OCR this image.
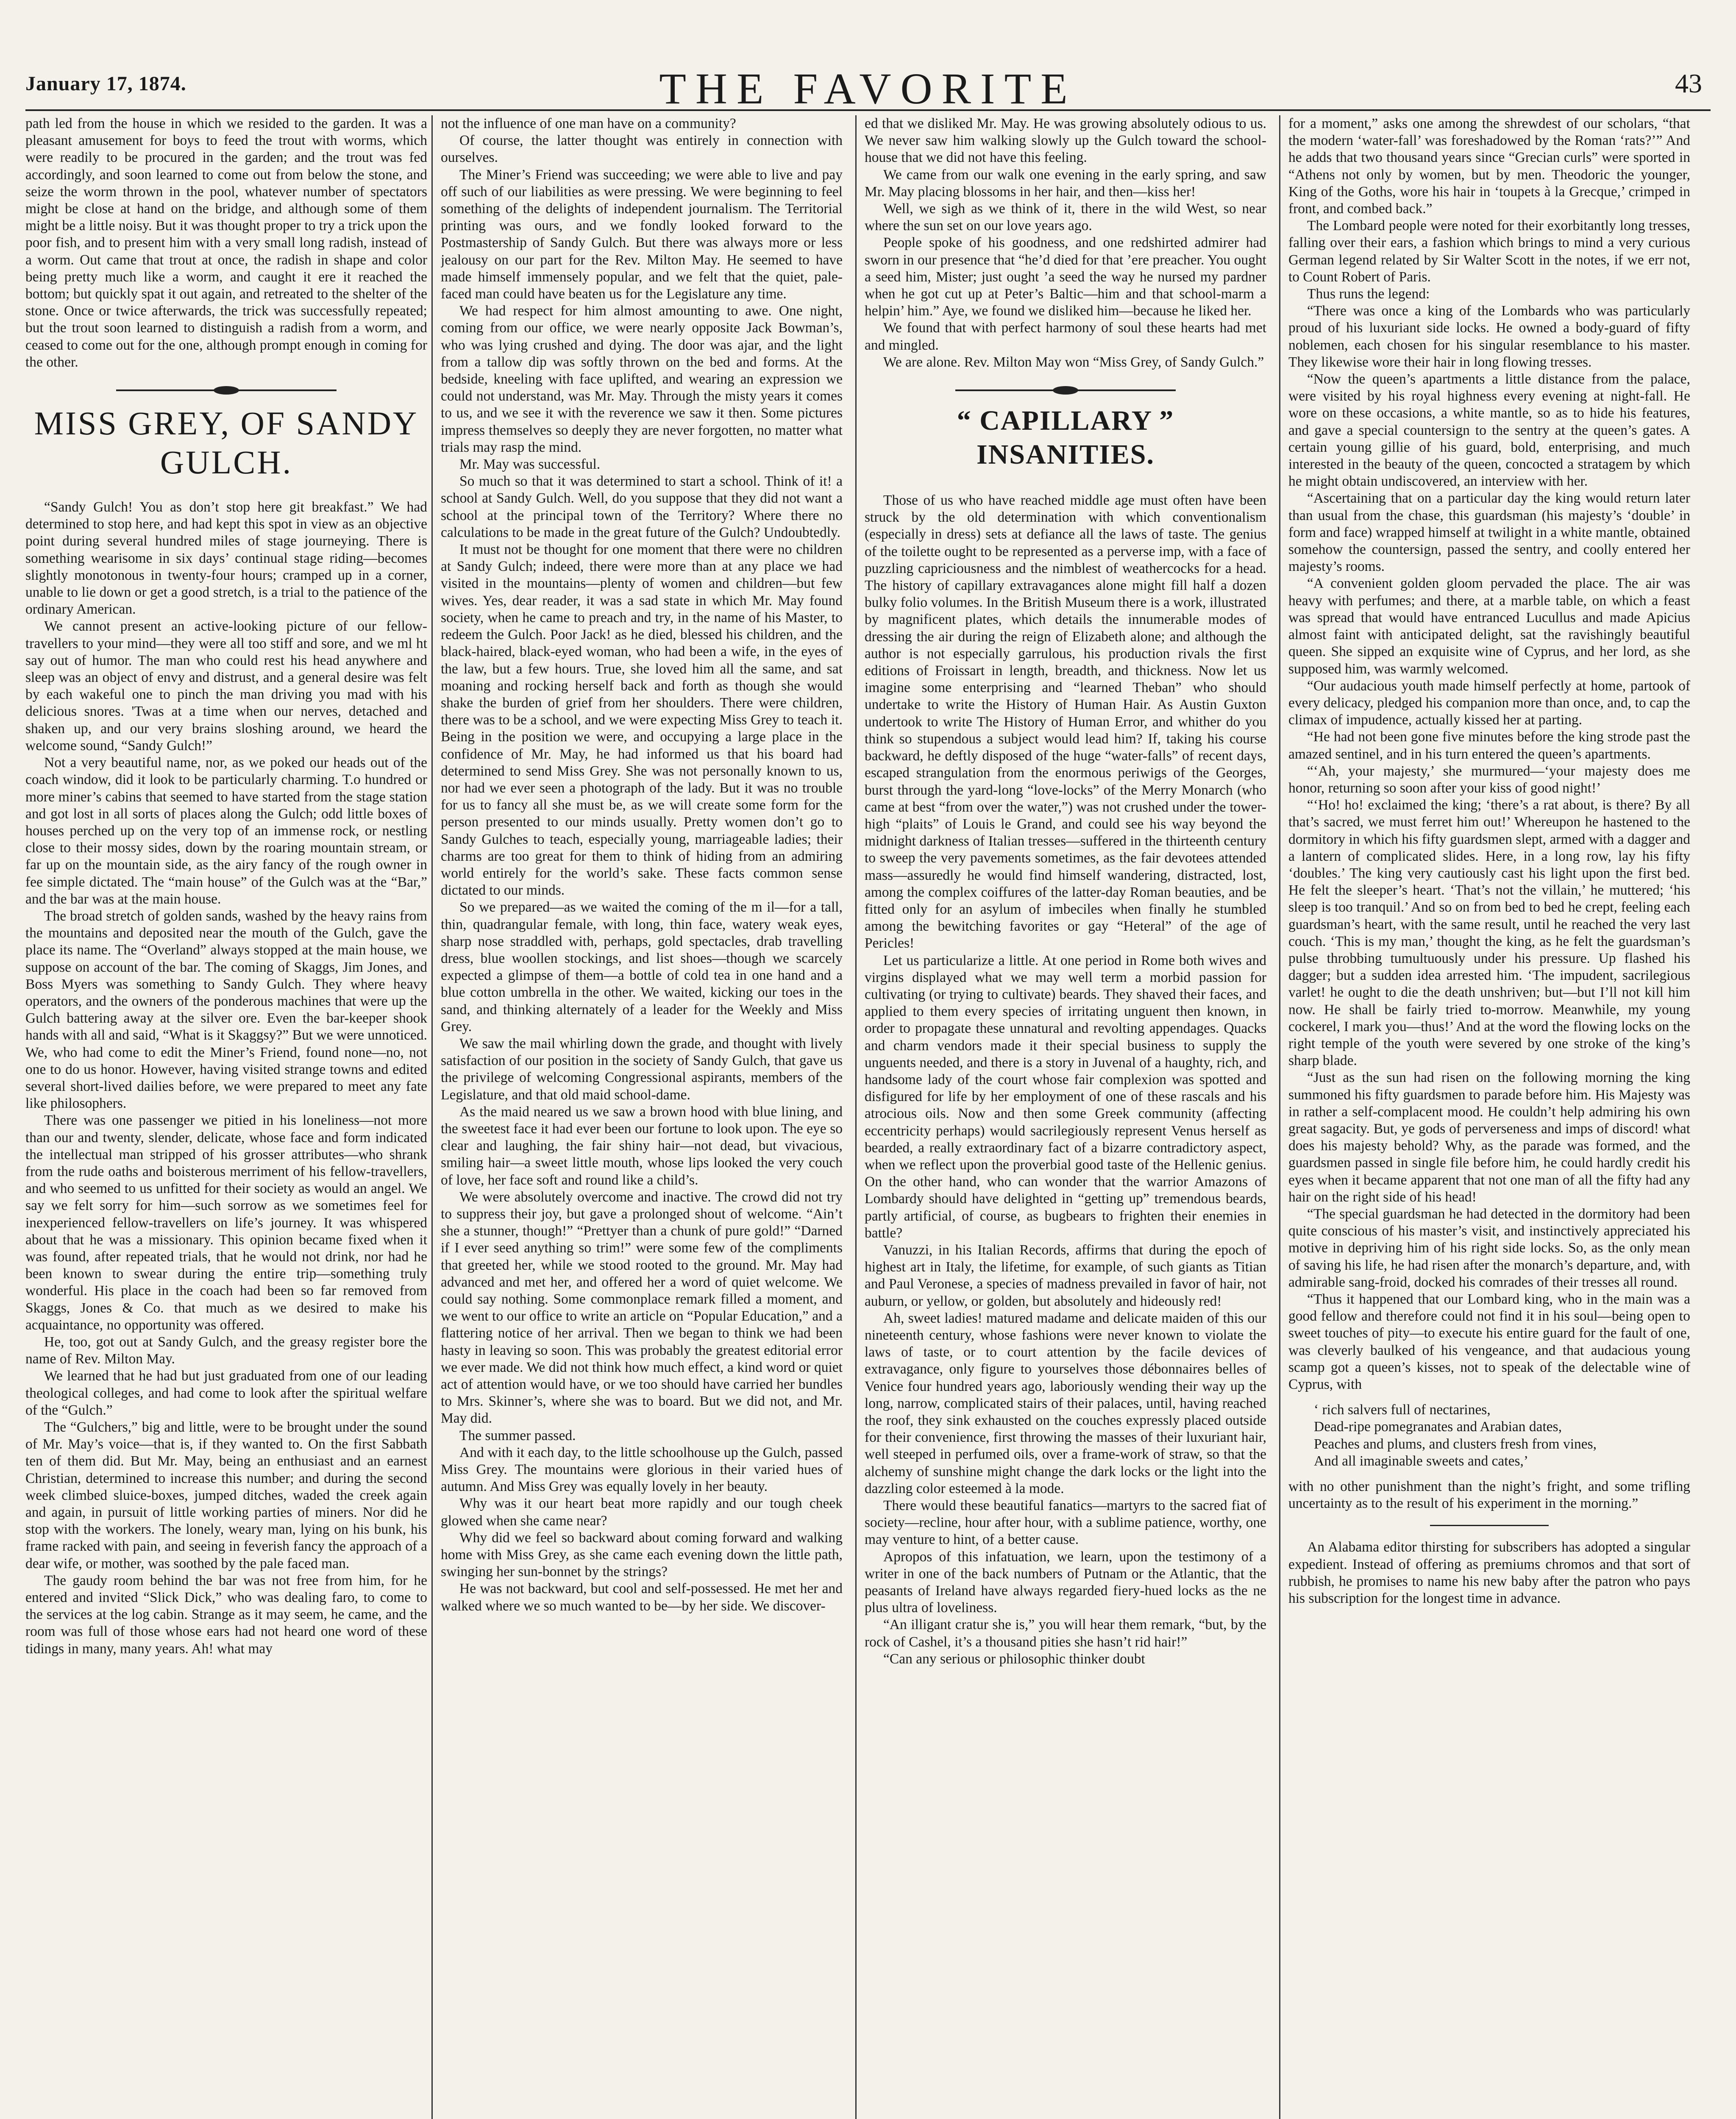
January 17, 1874.	THE FAVORITE	43

path led from the house in which we resided to the garden. It was a pleasant amusement for boys to feed the trout with worms, which were readily to be procured in the garden; and the trout was fed accordingly, and soon learned to come out from below the stone, and seize the worm thrown in the pool, whatever number of spectators might be close at hand on the bridge, and although some of them might be a little noisy. But it was thought proper to try a trick upon the poor fish, and to present him with a very small long radish, instead of a worm. Out came that trout at once, the radish in shape and color being pretty much like a worm, and caught it ere it reached the bottom; but quickly spat it out again, and retreated to the shelter of the stone. Once or twice afterwards, the trick was successfully repeated; but the trout soon learned to distinguish a radish from a worm, and ceased to come out for the one, although prompt enough in coming for the other.

MISS GREY, OF SANDY GULCH.

“Sandy Gulch! You as don’t stop here git breakfast.” We had determined to stop here, and had kept this spot in view as an objective point during several hundred miles of stage journeying. There is something wearisome in six days’ continual stage riding—becomes slightly monotonous in twenty-four hours; cramped up in a corner, unable to lie down or get a good stretch, is a trial to the patience of the ordinary American.

We cannot present an active-looking picture of our fellow-travellers to your mind—they were all too stiff and sore, and we ml ht say out of humor. The man who could rest his head anywhere and sleep was an object of envy and distrust, and a general desire was felt by each wakeful one to pinch the man driving you mad with his delicious snores. 'Twas at a time when our nerves, detached and shaken up, and our very brains sloshing around, we heard the welcome sound, “Sandy Gulch!”

Not a very beautiful name, nor, as we poked our heads out of the coach window, did it look to be particularly charming. T.o hundred or more miner’s cabins that seemed to have started from the stage station and got lost in all sorts of places along the Gulch; odd little boxes of houses perched up on the very top of an immense rock, or nestling close to their mossy sides, down by the roaring mountain stream, or far up on the mountain side, as the airy fancy of the rough owner in fee simple dictated. The “main house” of the Gulch was at the “Bar,” and the bar was at the main house.

The broad stretch of golden sands, washed by the heavy rains from the mountains and deposited near the mouth of the Gulch, gave the place its name. The “Overland” always stopped at the main house, we suppose on account of the bar. The coming of Skaggs, Jim Jones, and Boss Myers was something to Sandy Gulch. They where heavy operators, and the owners of the ponderous machines that were up the Gulch battering away at the silver ore. Even the bar-keeper shook hands with all and said, “What is it Skaggsy?” But we were unnoticed. We, who had come to edit the Miner’s Friend, found none—no, not one to do us honor. However, having visited strange towns and edited several short-lived dailies before, we were prepared to meet any fate like philosophers.

There was one passenger we pitied in his loneliness—not more than our and twenty, slender, delicate, whose face and form indicated the intellectual man stripped of his grosser attributes—who shrank from the rude oaths and boisterous merriment of his fellow-travellers, and who seemed to us unfitted for their society as would an angel. We say we felt sorry for him—such sorrow as we sometimes feel for inexperienced fellow-travellers on life’s journey. It was whispered about that he was a missionary. This opinion became fixed when it was found, after repeated trials, that he would not drink, nor had he been known to swear during the entire trip—something truly wonderful. His place in the coach had been so far removed from Skaggs, Jones & Co. that much as we desired to make his acquaintance, no opportunity was offered.

He, too, got out at Sandy Gulch, and the greasy register bore the name of Rev. Milton May.

We learned that he had but just graduated from one of our leading theological colleges, and had come to look after the spiritual welfare of the “Gulch.”

The “Gulchers,” big and little, were to be brought under the sound of Mr. May’s voice—that is, if they wanted to. On the first Sabbath ten of them did. But Mr. May, being an enthusiast and an earnest Christian, determined to increase this number; and during the second week climbed sluice-boxes, jumped ditches, waded the creek again and again, in pursuit of little working parties of miners. Nor did he stop with the workers. The lonely, weary man, lying on his bunk, his frame racked with pain, and seeing in feverish fancy the approach of a dear wife, or mother, was soothed by the pale faced man.

The gaudy room behind the bar was not free from him, for he entered and invited “Slick Dick,” who was dealing faro, to come to the services at the log cabin. Strange as it may seem, he came, and the room was full of those whose ears had not heard one word of these tidings in many, many years. Ah! what may

not the influence of one man have on a community?

Of course, the latter thought was entirely in connection with ourselves.

The Miner’s Friend was succeeding; we were able to live and pay off such of our liabilities as were pressing. We were beginning to feel something of the delights of independent journalism. The Territorial printing was ours, and we fondly looked forward to the Postmastership of Sandy Gulch. But there was always more or less jealousy on our part for the Rev. Milton May. He seemed to have made himself immensely popular, and we felt that the quiet, pale-faced man could have beaten us for the Legislature any time.

We had respect for him almost amounting to awe. One night, coming from our office, we were nearly opposite Jack Bowman’s, who was lying crushed and dying. The door was ajar, and the light from a tallow dip was softly thrown on the bed and forms. At the bedside, kneeling with face uplifted, and wearing an expression we could not understand, was Mr. May. Through the misty years it comes to us, and we see it with the reverence we saw it then. Some pictures impress themselves so deeply they are never forgotten, no matter what trials may rasp the mind.

Mr. May was successful.

So much so that it was determined to start a school. Think of it! a school at Sandy Gulch. Well, do you suppose that they did not want a school at the principal town of the Territory? Where there no calculations to be made in the great future of the Gulch? Undoubtedly.

It must not be thought for one moment that there were no children at Sandy Gulch; indeed, there were more than at any place we had visited in the mountains—plenty of women and children—but few wives. Yes, dear reader, it was a sad state in which Mr. May found society, when he came to preach and try, in the name of his Master, to redeem the Gulch. Poor Jack! as he died, blessed his children, and the black-haired, black-eyed woman, who had been a wife, in the eyes of the law, but a few hours. True, she loved him all the same, and sat moaning and rocking herself back and forth as though she would shake the burden of grief from her shoulders. There were children, there was to be a school, and we were expecting Miss Grey to teach it. Being in the position we were, and occupying a large place in the confidence of Mr. May, he had informed us that his board had determined to send Miss Grey. She was not personally known to us, nor had we ever seen a photograph of the lady. But it was no trouble for us to fancy all she must be, as we will create some form for the person presented to our minds usually. Pretty women don’t go to Sandy Gulches to teach, especially young, marriageable ladies; their charms are too great for them to think of hiding from an admiring world entirely for the world’s sake. These facts common sense dictated to our minds.

So we prepared—as we waited the coming of the m il—for a tall, thin, quadrangular female, with long, thin face, watery weak eyes, sharp nose straddled with, perhaps, gold spectacles, drab travelling dress, blue woollen stockings, and list shoes—though we scarcely expected a glimpse of them—a bottle of cold tea in one hand and a blue cotton umbrella in the other. We waited, kicking our toes in the sand, and thinking alternately of a leader for the Weekly and Miss Grey.

We saw the mail whirling down the grade, and thought with lively satisfaction of our position in the society of Sandy Gulch, that gave us the privilege of welcoming Congressional aspirants, members of the Legislature, and that old maid school-dame.

As the maid neared us we saw a brown hood with blue lining, and the sweetest face it had ever been our fortune to look upon. The eye so clear and laughing, the fair shiny hair—not dead, but vivacious, smiling hair—a sweet little mouth, whose lips looked the very couch of love, her face soft and round like a child’s.

We were absolutely overcome and inactive. The crowd did not try to suppress their joy, but gave a prolonged shout of welcome. “Ain’t she a stunner, though!” “Prettyer than a chunk of pure gold!” “Darned if I ever seed anything so trim!” were some few of the compliments that greeted her, while we stood rooted to the ground. Mr. May had advanced and met her, and offered her a word of quiet welcome. We could say nothing. Some commonplace remark filled a moment, and we went to our office to write an article on “Popular Education,” and a flattering notice of her arrival. Then we began to think we had been hasty in leaving so soon. This was probably the greatest editorial error we ever made. We did not think how much effect, a kind word or quiet act of attention would have, or we too should have carried her bundles to Mrs. Skinner’s, where she was to board. But we did not, and Mr. May did.

The summer passed.

And with it each day, to the little schoolhouse up the Gulch, passed Miss Grey. The mountains were glorious in their varied hues of autumn. And Miss Grey was equally lovely in her beauty.

Why was it our heart beat more rapidly and our tough cheek glowed when she came near?

Why did we feel so backward about coming forward and walking home with Miss Grey, as she came each evening down the little path, swinging her sun-bonnet by the strings?

He was not backward, but cool and self-possessed. He met her and walked where we so much wanted to be—by her side. We discover-

ed that we disliked Mr. May. He was growing absolutely odious to us. We never saw him walking slowly up the Gulch toward the school-house that we did not have this feeling.

We came from our walk one evening in the early spring, and saw Mr. May placing blossoms in her hair, and then—kiss her!

Well, we sigh as we think of it, there in the wild West, so near where the sun set on our love years ago.

People spoke of his goodness, and one redshirted admirer had sworn in our presence that “he’d died for that ’ere preacher. You ought a seed him, Mister; just ought ’a seed the way he nursed my pardner when he got cut up at Peter’s Baltic—him and that school-marm a helpin’ him.” Aye, we found we disliked him—because he liked her.

We found that with perfect harmony of soul these hearts had met and mingled.

We are alone. Rev. Milton May won “Miss Grey, of Sandy Gulch.”

“ CAPILLARY ” INSANITIES.

Those of us who have reached middle age must often have been struck by the old determination with which conventionalism (especially in dress) sets at defiance all the laws of taste. The genius of the toilette ought to be represented as a perverse imp, with a face of puzzling capriciousness and the nimblest of weathercocks for a head. The history of capillary extravagances alone might fill half a dozen bulky folio volumes. In the British Museum there is a work, illustrated by magnificent plates, which details the innumerable modes of dressing the air during the reign of Elizabeth alone; and although the author is not especially garrulous, his production rivals the first editions of Froissart in length, breadth, and thickness. Now let us imagine some enterprising and “learned Theban” who should undertake to write the History of Human Hair. As Austin Guxton undertook to write The History of Human Error, and whither do you think so stupendous a subject would lead him? If, taking his course backward, he deftly disposed of the huge “water-falls” of recent days, escaped strangulation from the enormous periwigs of the Georges, burst through the yard-long “love-locks” of the Merry Monarch (who came at best “from over the water,”) was not crushed under the tower-high “plaits” of Louis le Grand, and could see his way beyond the midnight darkness of Italian tresses—suffered in the thirteenth century to sweep the very pavements sometimes, as the fair devotees attended mass—assuredly he would find himself wandering, distracted, lost, among the complex coiffures of the latter-day Roman beauties, and be fitted only for an asylum of imbeciles when finally he stumbled among the bewitching favorites or gay “Heteral” of the age of Pericles!

Let us particularize a little. At one period in Rome both wives and virgins displayed what we may well term a morbid passion for cultivating (or trying to cultivate) beards. They shaved their faces, and applied to them every species of irritating unguent then known, in order to propagate these unnatural and revolting appendages. Quacks and charm vendors made it their special business to supply the unguents needed, and there is a story in Juvenal of a haughty, rich, and handsome lady of the court whose fair complexion was spotted and disfigured for life by her employment of one of these rascals and his atrocious oils. Now and then some Greek community (affecting eccentricity perhaps) would sacrilegiously represent Venus herself as bearded, a really extraordinary fact of a bizarre contradictory aspect, when we reflect upon the proverbial good taste of the Hellenic genius. On the other hand, who can wonder that the warrior Amazons of Lombardy should have delighted in “getting up” tremendous beards, partly artificial, of course, as bugbears to frighten their enemies in battle?

Vanuzzi, in his Italian Records, affirms that during the epoch of highest art in Italy, the lifetime, for example, of such giants as Titian and Paul Veronese, a species of madness prevailed in favor of hair, not auburn, or yellow, or golden, but absolutely and hideously red!

Ah, sweet ladies! matured madame and delicate maiden of this our nineteenth century, whose fashions were never known to violate the laws of taste, or to court attention by the facile devices of extravagance, only figure to yourselves those débonnaires belles of Venice four hundred years ago, laboriously wending their way up the long, narrow, complicated stairs of their palaces, until, having reached the roof, they sink exhausted on the couches expressly placed outside for their convenience, first throwing the masses of their luxuriant hair, well steeped in perfumed oils, over a frame-work of straw, so that the alchemy of sunshine might change the dark locks or the light into the dazzling color esteemed à la mode.

There would these beautiful fanatics—martyrs to the sacred fiat of society—recline, hour after hour, with a sublime patience, worthy, one may venture to hint, of a better cause.

Apropos of this infatuation, we learn, upon the testimony of a writer in one of the back numbers of Putnam or the Atlantic, that the peasants of Ireland have always regarded fiery-hued locks as the ne plus ultra of loveliness.

“An illigant cratur she is,” you will hear them remark, “but, by the rock of Cashel, it’s a thousand pities she hasn’t rid hair!”

“Can any serious or philosophic thinker doubt

for a moment,” asks one among the shrewdest of our scholars, “that the modern ‘water-fall’ was foreshadowed by the Roman ‘rats?’” And he adds that two thousand years since “Grecian curls” were sported in “Athens not only by women, but by men. Theodoric the younger, King of the Goths, wore his hair in ‘toupets à la Grecque,’ crimped in front, and combed back.”

The Lombard people were noted for their exorbitantly long tresses, falling over their ears, a fashion which brings to mind a very curious German legend related by Sir Walter Scott in the notes, if we err not, to Count Robert of Paris.

Thus runs the legend:

“There was once a king of the Lombards who was particularly proud of his luxuriant side locks. He owned a body-guard of fifty noblemen, each chosen for his singular resemblance to his master. They likewise wore their hair in long flowing tresses.

“Now the queen’s apartments a little distance from the palace, were visited by his royal highness every evening at night-fall. He wore on these occasions, a white mantle, so as to hide his features, and gave a special countersign to the sentry at the queen’s gates. A certain young gillie of his guard, bold, enterprising, and much interested in the beauty of the queen, concocted a stratagem by which he might obtain undiscovered, an interview with her.

“Ascertaining that on a particular day the king would return later than usual from the chase, this guardsman (his majesty’s ‘double’ in form and face) wrapped himself at twilight in a white mantle, obtained somehow the countersign, passed the sentry, and coolly entered her majesty’s rooms.

“A convenient golden gloom pervaded the place. The air was heavy with perfumes; and there, at a marble table, on which a feast was spread that would have entranced Lucullus and made Apicius almost faint with anticipated delight, sat the ravishingly beautiful queen. She sipped an exquisite wine of Cyprus, and her lord, as she supposed him, was warmly welcomed.

“Our audacious youth made himself perfectly at home, partook of every delicacy, pledged his companion more than once, and, to cap the climax of impudence, actually kissed her at parting.

“He had not been gone five minutes before the king strode past the amazed sentinel, and in his turn entered the queen’s apartments.

“‘Ah, your majesty,’ she murmured—‘your majesty does me honor, returning so soon after your kiss of good night!’

“‘Ho! ho! exclaimed the king; ‘there’s a rat about, is there? By all that’s sacred, we must ferret him out!’ Whereupon he hastened to the dormitory in which his fifty guardsmen slept, armed with a dagger and a lantern of complicated slides. Here, in a long row, lay his fifty ‘doubles.’ The king very cautiously cast his light upon the first bed. He felt the sleeper’s heart. ‘That’s not the villain,’ he muttered; ‘his sleep is too tranquil.’ And so on from bed to bed he crept, feeling each guardsman’s heart, with the same result, until he reached the very last couch. ‘This is my man,’ thought the king, as he felt the guardsman’s pulse throbbing tumultuously under his pressure. Up flashed his dagger; but a sudden idea arrested him. ‘The impudent, sacrilegious varlet! he ought to die the death unshriven; but—but I’ll not kill him now. He shall be fairly tried to-morrow. Meanwhile, my young cockerel, I mark you—thus!’ And at the word the flowing locks on the right temple of the youth were severed by one stroke of the king’s sharp blade.

“Just as the sun had risen on the following morning the king summoned his fifty guardsmen to parade before him. His Majesty was in rather a self-complacent mood. He couldn’t help admiring his own great sagacity. But, ye gods of perverseness and imps of discord! what does his majesty behold? Why, as the parade was formed, and the guardsmen passed in single file before him, he could hardly credit his eyes when it became apparent that not one man of all the fifty had any hair on the right side of his head!

“The special guardsman he had detected in the dormitory had been quite conscious of his master’s visit, and instinctively appreciated his motive in depriving him of his right side locks. So, as the only mean of saving his life, he had risen after the monarch’s departure, and, with admirable sang-froid, docked his comrades of their tresses all round.

“Thus it happened that our Lombard king, who in the main was a good fellow and therefore could not find it in his soul—being open to sweet touches of pity—to execute his entire guard for the fault of one, was cleverly baulked of his vengeance, and that audacious young scamp got a queen’s kisses, not to speak of the delectable wine of Cyprus, with

‘ rich salvers full of nectarines,
Dead-ripe pomegranates and Arabian dates,
Peaches and plums, and clusters fresh from vines,
And all imaginable sweets and cates,’

with no other punishment than the night’s fright, and some trifling uncertainty as to the result of his experiment in the morning.”

An Alabama editor thirsting for subscribers has adopted a singular expedient. Instead of offering as premiums chromos and that sort of rubbish, he promises to name his new baby after the patron who pays his subscription for the longest time in advance.
